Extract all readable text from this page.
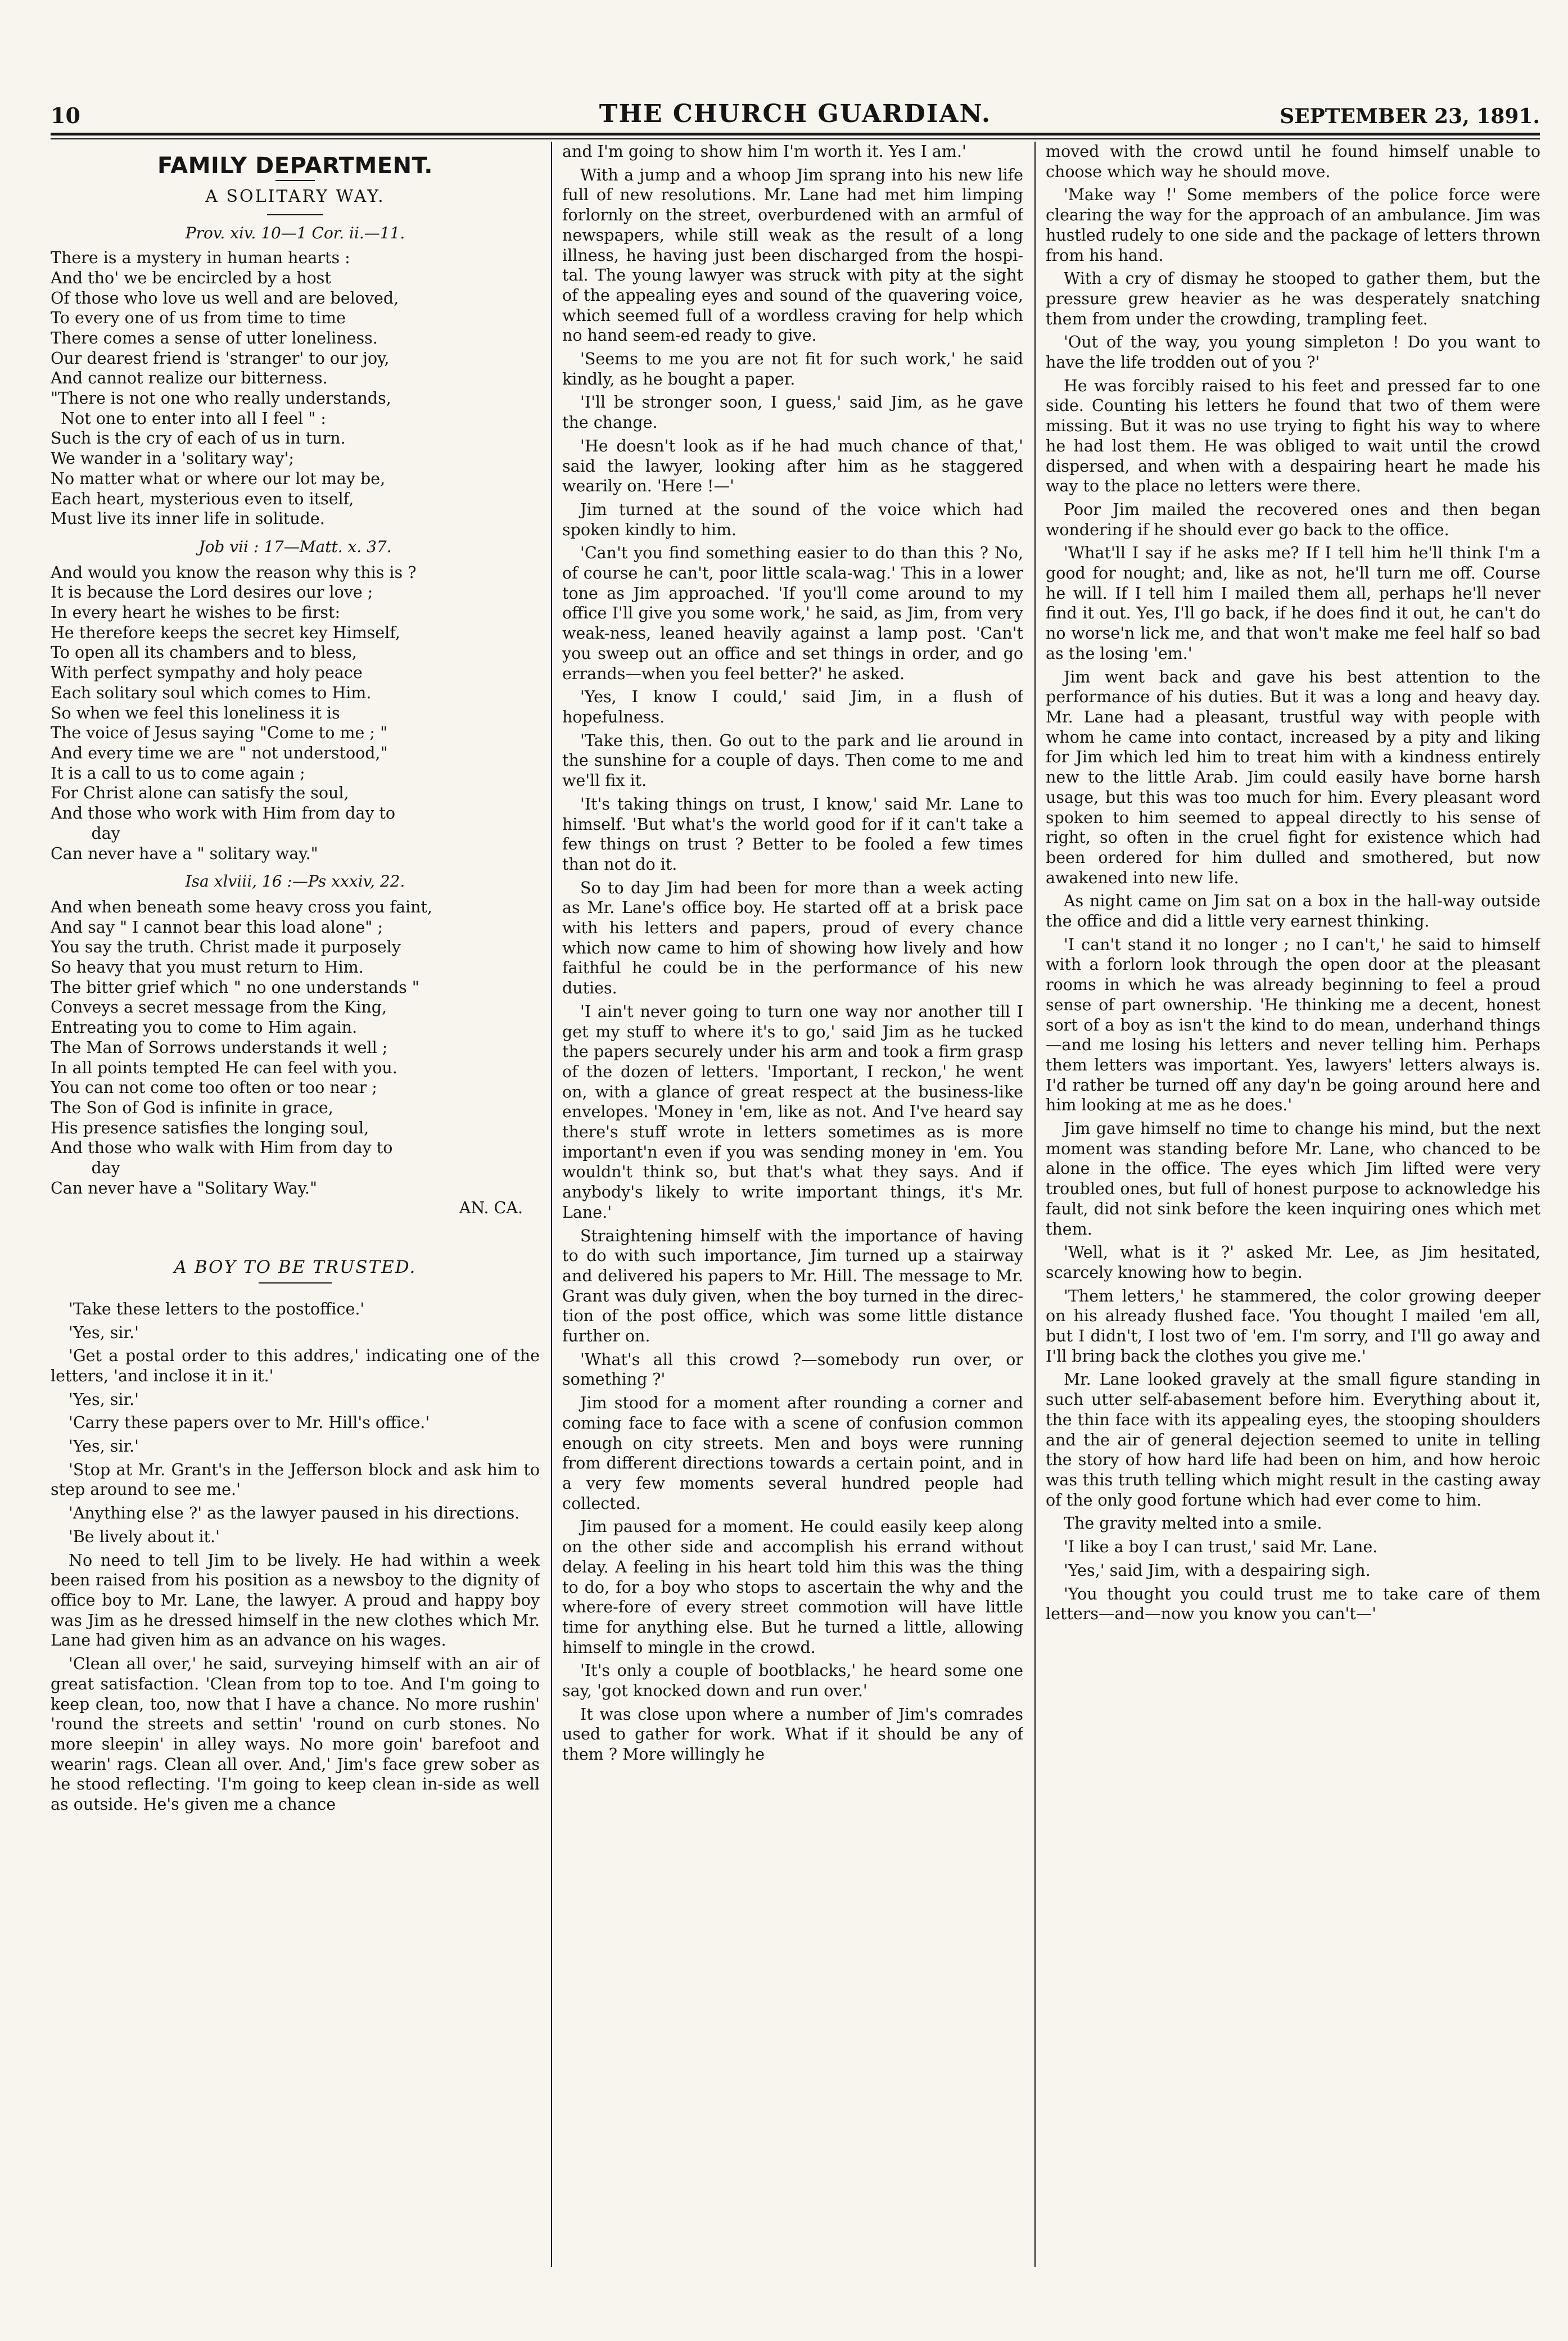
10	THE CHURCH GUARDIAN.	SEPTEMBER 23, 1891.
FAMILY DEPARTMENT.
A SOLITARY WAY.
Prov. xiv. 10—1 Cor. ii.—11.
There is a mystery in human hearts :
And tho' we be encircled by a host
Of those who love us well and are beloved,
To every one of us from time to time
There comes a sense of utter loneliness.
Our dearest friend is 'stranger' to our joy,
And cannot realize our bitterness.
"There is not one who really understands,
Not one to enter into all I feel " :
Such is the cry of each of us in turn.
We wander in a 'solitary way';
No matter what or where our lot may be,
Each heart, mysterious even to itself,
Must live its inner life in solitude.
Job vii : 17—Matt. x. 37.
And would you know the reason why this is ?
It is because the Lord desires our love ;
In every heart he wishes to be first:
He therefore keeps the secret key Himself,
To open all its chambers and to bless,
With perfect sympathy and holy peace
Each solitary soul which comes to Him.
So when we feel this loneliness it is
The voice of Jesus saying "Come to me ; "
And every time we are " not understood,"
It is a call to us to come again ;
For Christ alone can satisfy the soul,
And those who work with Him from day to
day
Can never have a " solitary way."
Isa xlviii, 16 :—Ps xxxiv, 22.
And when beneath some heavy cross you faint,
And say " I cannot bear this load alone" ;
You say the truth. Christ made it purposely
So heavy that you must return to Him.
The bitter grief which " no one understands "
Conveys a secret message from the King,
Entreating you to come to Him again.
The Man of Sorrows understands it well ;
In all points tempted He can feel with you.
You can not come too often or too near ;
The Son of God is infinite in grace,
His presence satisfies the longing soul,
And those who walk with Him from day to
day
Can never have a "Solitary Way."
AN. CA.
A BOY TO BE TRUSTED.
'Take these letters to the postoffice.'
'Yes, sir.'
'Get a postal order to this addres,' indicating one of the letters, 'and inclose it in it.'
'Yes, sir.'
'Carry these papers over to Mr. Hill's office.'
'Yes, sir.'
'Stop at Mr. Grant's in the Jefferson block and ask him to step around to see me.'
'Anything else ?' as the lawyer paused in his directions.
'Be lively about it.'
No need to tell Jim to be lively. He had within a week been raised from his position as a newsboy to the dignity of office boy to Mr. Lane, the lawyer. A proud and happy boy was Jim as he dressed himself in the new clothes which Mr. Lane had given him as an advance on his wages.
'Clean all over,' he said, surveying himself with an air of great satisfaction. 'Clean from top to toe. And I'm going to keep clean, too, now that I have a chance. No more rushin' 'round the streets and settin' 'round on curb stones. No more sleepin' in alley ways. No more goin' barefoot and wearin' rags. Clean all over. And,' Jim's face grew sober as he stood reflecting. 'I'm going to keep clean in-side as well as outside. He's given me a chance
and I'm going to show him I'm worth it. Yes I am.'
With a jump and a whoop Jim sprang into his new life full of new resolutions. Mr. Lane had met him limping forlornly on the street, overburdened with an armful of newspapers, while still weak as the result of a long illness, he having just been discharged from the hospi-tal. The young lawyer was struck with pity at the sight of the appealing eyes and sound of the quavering voice, which seemed full of a wordless craving for help which no hand seem-ed ready to give.
'Seems to me you are not fit for such work,' he said kindly, as he bought a paper.
'I'll be stronger soon, I guess,' said Jim, as he gave the change.
'He doesn't look as if he had much chance of that,' said the lawyer, looking after him as he staggered wearily on. 'Here !—'
Jim turned at the sound of the voice which had spoken kindly to him.
'Can't you find something easier to do than this ? No, of course he can't, poor little scala-wag.' This in a lower tone as Jim approached. 'If you'll come around to my office I'll give you some work,' he said, as Jim, from very weak-ness, leaned heavily against a lamp post. 'Can't you sweep out an office and set things in order, and go errands—when you feel better?' he asked.
'Yes, I know I could,' said Jim, in a flush of hopefulness.
'Take this, then. Go out to the park and lie around in the sunshine for a couple of days. Then come to me and we'll fix it.
'It's taking things on trust, I know,' said Mr. Lane to himself. 'But what's the world good for if it can't take a few things on trust ? Better to be fooled a few times than not do it.
So to day Jim had been for more than a week acting as Mr. Lane's office boy. He started off at a brisk pace with his letters and papers, proud of every chance which now came to him of showing how lively and how faithful he could be in the performance of his new duties.
'I ain't never going to turn one way nor another till I get my stuff to where it's to go,' said Jim as he tucked the papers securely under his arm and took a firm grasp of the dozen of letters. 'Important, I reckon,' he went on, with a glance of great respect at the business-like envelopes. 'Money in 'em, like as not. And I've heard say there's stuff wrote in letters sometimes as is more important'n even if you was sending money in 'em. You wouldn't think so, but that's what they says. And if anybody's likely to write important things, it's Mr. Lane.'
Straightening himself with the importance of having to do with such importance, Jim turned up a stairway and delivered his papers to Mr. Hill. The message to Mr. Grant was duly given, when the boy turned in the direc-tion of the post office, which was some little distance further on.
'What's all this crowd ?—somebody run over, or something ?'
Jim stood for a moment after rounding a corner and coming face to face with a scene of confusion common enough on city streets. Men and boys were running from different directions towards a certain point, and in a very few moments several hundred people had collected.
Jim paused for a moment. He could easily keep along on the other side and accomplish his errand without delay. A feeling in his heart told him this was the thing to do, for a boy who stops to ascertain the why and the where-fore of every street commotion will have little time for anything else. But he turned a little, allowing himself to mingle in the crowd.
'It's only a couple of bootblacks,' he heard some one say, 'got knocked down and run over.'
It was close upon where a number of Jim's comrades used to gather for work. What if it should be any of them ? More willingly he
moved with the crowd until he found himself unable to choose which way he should move.
'Make way !' Some members of the police force were clearing the way for the approach of an ambulance. Jim was hustled rudely to one side and the package of letters thrown from his hand.
With a cry of dismay he stooped to gather them, but the pressure grew heavier as he was desperately snatching them from under the crowding, trampling feet.
'Out of the way, you young simpleton ! Do you want to have the life trodden out of you ?'
He was forcibly raised to his feet and pressed far to one side. Counting his letters he found that two of them were missing. But it was no use trying to fight his way to where he had lost them. He was obliged to wait until the crowd dispersed, and when with a despairing heart he made his way to the place no letters were there.
Poor Jim mailed the recovered ones and then began wondering if he should ever go back to the office.
'What'll I say if he asks me? If I tell him he'll think I'm a good for nought; and, like as not, he'll turn me off. Course he will. If I tell him I mailed them all, perhaps he'll never find it out. Yes, I'll go back, if he does find it out, he can't do no worse'n lick me, and that won't make me feel half so bad as the losing 'em.'
Jim went back and gave his best attention to the performance of his duties. But it was a long and heavy day. Mr. Lane had a pleasant, trustful way with people with whom he came into contact, increased by a pity and liking for Jim which led him to treat him with a kindness entirely new to the little Arab. Jim could easily have borne harsh usage, but this was too much for him. Every pleasant word spoken to him seemed to appeal directly to his sense of right, so often in the cruel fight for existence which had been ordered for him dulled and smothered, but now awakened into new life.
As night came on Jim sat on a box in the hall-way outside the office and did a little very earnest thinking.
'I can't stand it no longer ; no I can't,' he said to himself with a forlorn look through the open door at the pleasant rooms in which he was already beginning to feel a proud sense of part ownership. 'He thinking me a decent, honest sort of a boy as isn't the kind to do mean, underhand things—and me losing his letters and never telling him. Perhaps them letters was important. Yes, lawyers' letters always is. I'd rather be turned off any day'n be going around here and him looking at me as he does.'
Jim gave himself no time to change his mind, but the next moment was standing before Mr. Lane, who chanced to be alone in the office. The eyes which Jim lifted were very troubled ones, but full of honest purpose to acknowledge his fault, did not sink before the keen inquiring ones which met them.
'Well, what is it ?' asked Mr. Lee, as Jim hesitated, scarcely knowing how to begin.
'Them letters,' he stammered, the color growing deeper on his already flushed face. 'You thought I mailed 'em all, but I didn't, I lost two of 'em. I'm sorry, and I'll go away and I'll bring back the clothes you give me.'
Mr. Lane looked gravely at the small figure standing in such utter self-abasement before him. Everything about it, the thin face with its appealing eyes, the stooping shoulders and the air of general dejection seemed to unite in telling the story of how hard life had been on him, and how heroic was this truth telling which might result in the casting away of the only good fortune which had ever come to him.
The gravity melted into a smile.
'I like a boy I can trust,' said Mr. Lane.
'Yes,' said Jim, with a despairing sigh.
'You thought you could trust me to take care of them letters—and—now you know you can't—'
